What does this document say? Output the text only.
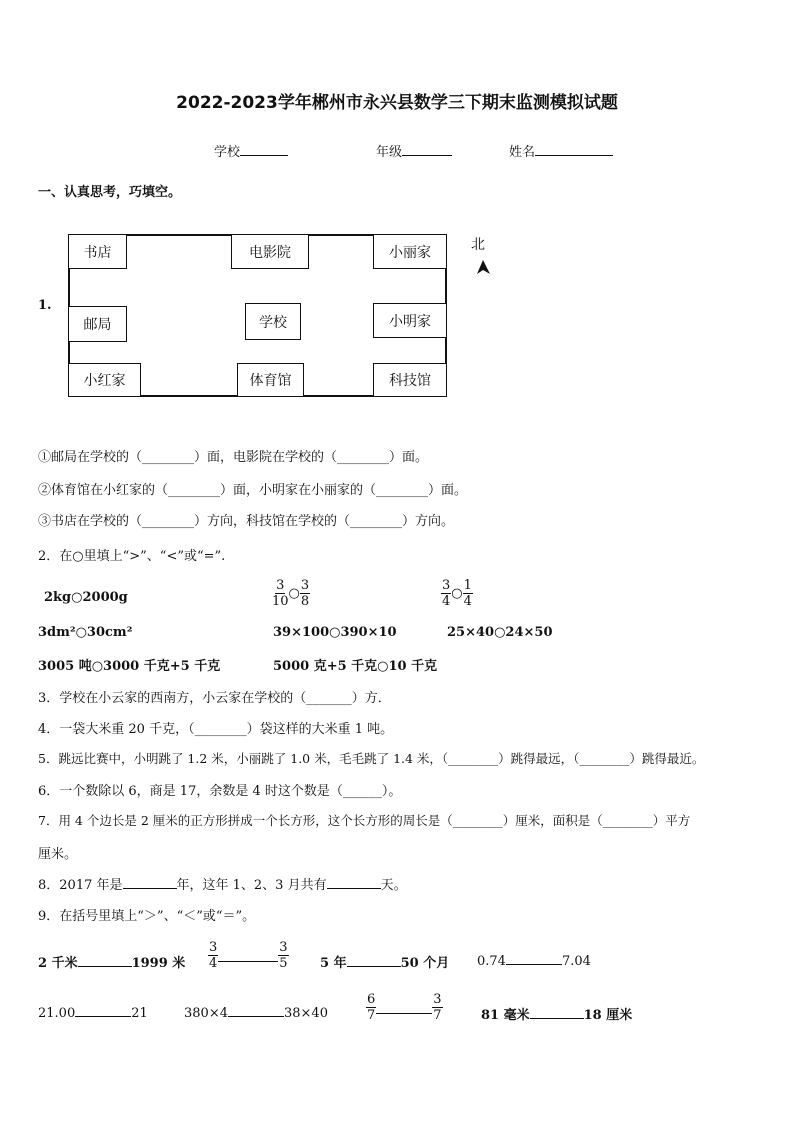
2022-2023学年郴州市永兴县数学三下期末监测模拟试题
学校	年级	姓名
一、认真思考，巧填空。
1.
书店	电影院	小丽家
邮局	学校	小明家
小红家	体育馆	科技馆
北
①邮局在学校的（________）面，电影院在学校的（________）面。
②体育馆在小红家的（________）面，小明家在小丽家的（________）面。
③书店在学校的（________）方向，科技馆在学校的（________）方向。
2．在○里填上“>”、“<”或“=”.
2kg○2000g	$\frac{3}{10}$ ○ $\frac{3}{8}$	$\frac{3}{4}$ ○ $\frac{1}{4}$
3dm²○30cm²	39×100○390×10	25×40○24×50
3005 吨○3000 千克+5 千克	5000 克+5 千克○10 千克
3．学校在小云家的西南方，小云家在学校的（_______）方．
4．一袋大米重 20 千克，（________）袋这样的大米重 1 吨。
5．跳远比赛中，小明跳了 1.2 米，小丽跳了 1.0 米，毛毛跳了 1.4 米，（________）跳得最远，（________）跳得最近。
6．一个数除以 6，商是 17，余数是 4 时这个数是（______）。
7．用 4 个边长是 2 厘米的正方形拼成一个长方形，这个长方形的周长是（________）厘米，面积是（________）平方
厘米。
8．2017 年是	年，这年 1、2、3 月共有	天。
9．在括号里填上“＞”、“＜”或“＝”。
2 千米	1999 米 $\frac{3}{4}$	$\frac{3}{5} 5$ 年	50 个月 0.74	7.04
21.00	21	380×4	38×40	$\frac{6}{7}$	$\frac{3}{7}$	81 毫米	18 厘米
